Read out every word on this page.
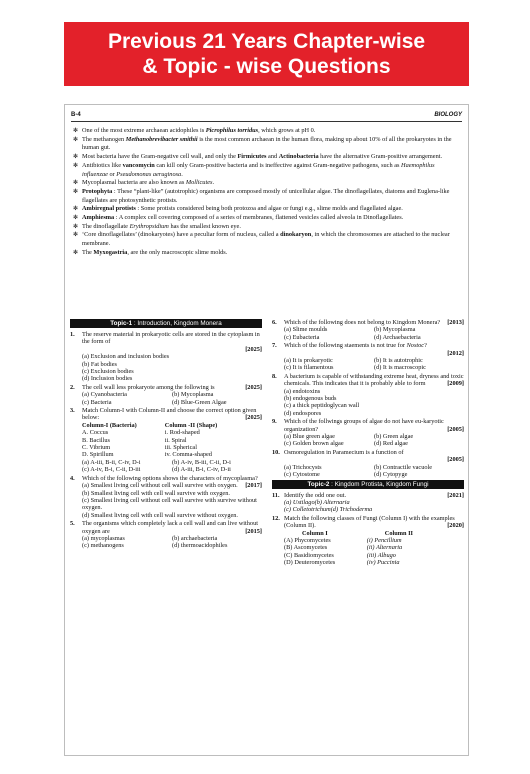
Previous 21 Years Chapter-wise
& Topic - wise Questions
B-4	BIOLOGY
✻ One of the most extreme archaean acidophiles is Picrophilus torridus, which grows at pH 0.
✻ The methanogen Methanobrevibacter smithii is the most common archaean in the human flora, making up about 10% of all the prokaryotes in the human gut.
✻ Most bacteria have the Gram-negative cell wall, and only the Firmicutes and Actinobacteria have the alternative Gram-positive arrangement.
✻ Antibiotics like vancomycin can kill only Gram-positive bacteria and is ineffective against Gram-negative pathogens, such as Haemophilus influenzae or Pseudomonas aeruginosa.
✻ Mycoplasmal bacteria are also known as Mollicutes.
✻ Protophyta : These “plant-like” (autotrophic) organisms are composed mostly of unicellular algae. The dinoflagellates, diatoms and Euglena-like flagellates are photosynthetic protists.
✻ Ambiregnal protists : Some protists considered being both protozoa and algae or fungi e.g., slime molds and flagellated algae.
✻ Amphiesma : A complex cell covering composed of a series of membranes, flattened vesicles called alveola in Dinoflagellates.
✻ The dinoflagellate Erythropsidium has the smallest known eye.
✻ ‘Core dinoflagellates’ (dinokaryotes) have a peculiar form of nucleus, called a dinokaryon, in which the chromosomes are attached to the nuclear membrane.
✻ The Myxogastria, are the only macroscopic slime molds.
Topic-1 : Introduction, Kingdom Monera
1. The reserve material in prokaryotic cells are stored in the cytoplasm in the form of
[2025]
(a) Exclusion and inclusion bodies
(b) Fat bodies
(c) Exclusion bodies
(d) Inclusion bodies
2. The cell wall less prokaryote among the following is	[2025]
(a) Cyanobacteria	(b) Mycoplasma
(c) Bacteria	(d) Blue-Green Algae
3. Match Column-I with Column-II and choose the correct option given below:	[2025]
Column-I (Bacteria)	Column -II (Shape)
A. Coccus	i. Rod-shaped
B. Bacillus	ii. Spiral
C. Vibrium	iii. Spherical
D. Spirillum	iv. Comma-shaped
(a) A-iii, B-ii, C-iv, D-i	(b) A-iv, B-iii, C-ii, D-i
(c) A-iv, B-i, C-ii, D-iii	(d) A-iii, B-i, C-iv, D-ii
4. Which of the following options shows the characters of mycoplasma?
[2017]
(a) Smallest living cell without cell wall survive with oxygen.
(b) Smallest living cell with cell wall survive with oxygen.
(c) Smallest living cell without cell wall survive with survive without oxygen.
(d) Smallest living cell with cell wall survive without oxygen.
5. The organisms which completely lack a cell wall and can live without oxygen are	[2015]
(a) mycoplasmas	(b) archaebacteria
(c) methanogens	(d) thermoacidophiles
6. Which of the following does not belong to Kingdom Monera? [2013]
(a) Slime moulds	(b) Mycoplasma
(c) Eubacteria	(d) Archaebacteria
7. Which of the following staements is not true for Nostoc?
[2012]
(a) It is prokaryotic	(b) It is autotrophic
(c) It is filamentous	(d) It is macroscopic
8. A bacterium is capable of withstanding extreme heat, dryness and toxic chemicals. This indicates that it is probably able to form	[2009]
(a) endotoxins
(b) endogenous buds
(c) a thick peptidoglycan wall
(d) endospores
9. Which of the follwings groups of algae do not have eu-karyotic organization?	[2005]
(a) Blue green algae	(b) Green algae
(c) Golden brown algae	(d) Red algae
10. Osmoregulation in Paramecium is a function of
[2005]
(a) Trichocysts	(b) Contractile vacuole
(c) Cytostome	(d) Cytopyge
Topic-2 : Kingdom Protista, Kingdom Fungi
11. Identify the odd one out.	[2021]
(a) Ustilago (b) Alternaria
(c) Colletotrichum (d) Trichoderma
12. Match the following classes of Fungi (Column I) with the examples (Column II).	[2020]
Column I	Column II
(A) Phycomycetes	(i) Pencillium
(B) Ascomycetes	(ii) Alternaria
(C) Basidiomycetes	(iii) Albugo
(D) Deuteromycetes	(iv) Puccinia
